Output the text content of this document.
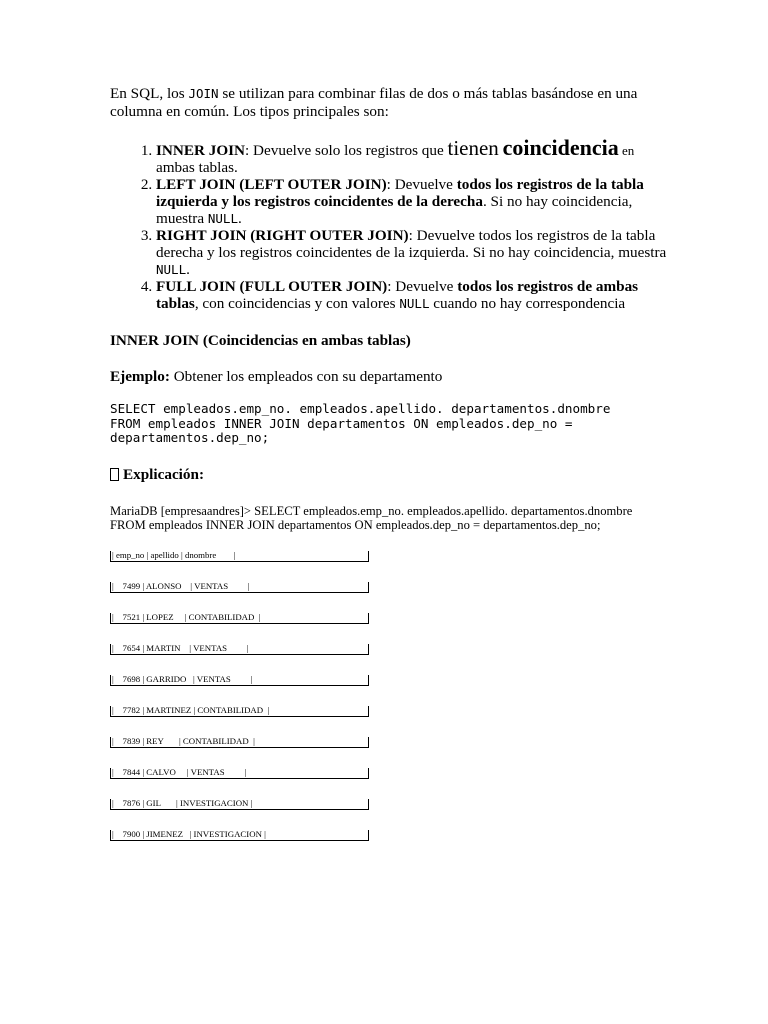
En SQL, los JOIN se utilizan para combinar filas de dos o más tablas basándose en una columna en común. Los tipos principales son:

1. INNER JOIN: Devuelve solo los registros que tienen coincidencia en
ambas tablas.
2. LEFT JOIN (LEFT OUTER JOIN): Devuelve todos los registros de la tabla izquierda y los registros coincidentes de la derecha. Si no hay coincidencia, muestra NULL.
3. RIGHT JOIN (RIGHT OUTER JOIN): Devuelve todos los registros de la tabla derecha y los registros coincidentes de la izquierda. Si no hay coincidencia, muestra NULL.
4. FULL JOIN (FULL OUTER JOIN): Devuelve todos los registros de ambas tablas, con coincidencias y con valores NULL cuando no hay correspondencia
INNER JOIN (Coincidencias en ambas tablas)

Ejemplo: Obtener los empleados con su departamento

SELECT empleados.emp_no. empleados.apellido. departamentos.dnombre
FROM empleados INNER JOIN departamentos ON empleados.dep_no =
departamentos.dep_no;
Explicación:

MariaDB [empresaandres]> SELECT empleados.emp_no. empleados.apellido. departamentos.dnombre FROM empleados INNER JOIN departamentos ON empleados.dep_no = departamentos.dep_no;

| emp_no | apellido | dnombre        |
|    7499 | ALONSO    | VENTAS         |
|    7521 | LOPEZ     | CONTABILIDAD  |
|    7654 | MARTIN    | VENTAS         |
|    7698 | GARRIDO   | VENTAS         |
|    7782 | MARTINEZ | CONTABILIDAD  |
|    7839 | REY       | CONTABILIDAD  |
|    7844 | CALVO     | VENTAS         |
|    7876 | GIL       | INVESTIGACION |
|    7900 | JIMENEZ   | INVESTIGACION |
